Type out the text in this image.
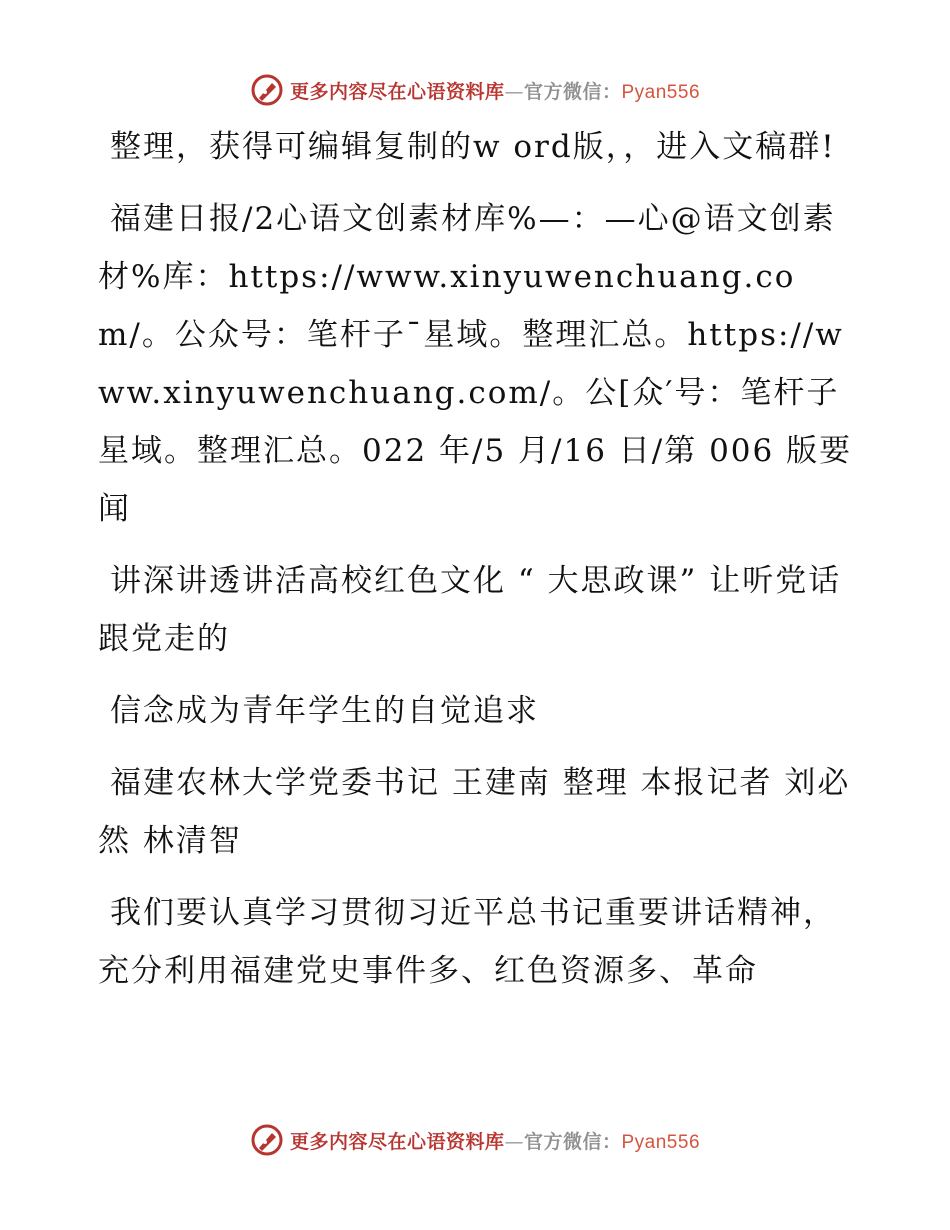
更多内容尽在心语资料库—官方微信：Pyan556

整理，获得可编辑复制的w ord版，，进入文稿群!

福建日报/2心语文创素材库%—：—心@语文创素材%库：https://www.xinyuwenchuang.com/。公众号：笔杆子¯星域。整理汇总。https://www.xinyuwenchuang.com/。公[众′号：笔杆子星域。整理汇总。022 年/5 月/16 日/第 006 版要闻

讲深讲透讲活高校红色文化 “ 大思政课” 让听党话跟党走的

信念成为青年学生的自觉追求

福建农林大学党委书记 王建南 整理 本报记者 刘必然 林清智

我们要认真学习贯彻习近平总书记重要讲话精神，充分利用福建党史事件多、红色资源多、革命

更多内容尽在心语资料库—官方微信：Pyan556
